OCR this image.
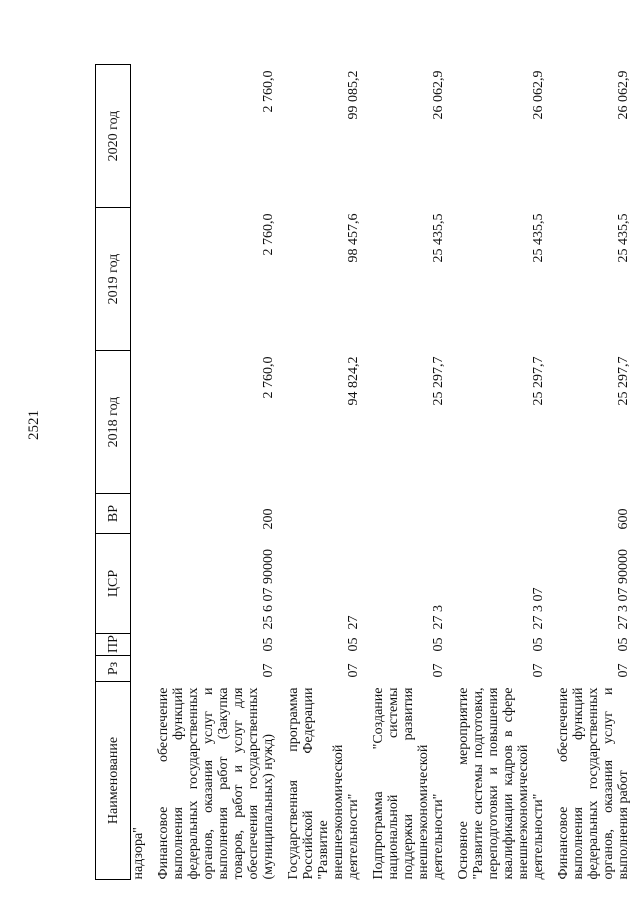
2521
Наименование	Рз	ПР	ЦСР	ВР	2018 год	2019 год	2020 год
надзора"							
Финансовое обеспечение выполнения функций федеральных государственных органов, оказания услуг и выполнения работ (Закупка товаров, работ и услуг для обеспечения государственных (муниципальных) нужд)	07	05	25 6 07 90000	200	2 760,0	2 760,0	2 760,0
Государственная программа Российской Федерации "Развитие внешнеэкономической деятельности"	07	05	27		94 824,2	98 457,6	99 085,2
Подпрограмма "Создание национальной системы поддержки развития внешнеэкономической деятельности"	07	05	27 3		25 297,7	25 435,5	26 062,9
Основное мероприятие "Развитие системы подготовки, переподготовки и повышения квалификации кадров в сфере внешнеэкономической деятельности"	07	05	27 3 07		25 297,7	25 435,5	26 062,9
Финансовое обеспечение выполнения функций федеральных государственных органов, оказания услуг и выполнения работ	07	05	27 3 07 90000	600	25 297,7	25 435,5	26 062,9
